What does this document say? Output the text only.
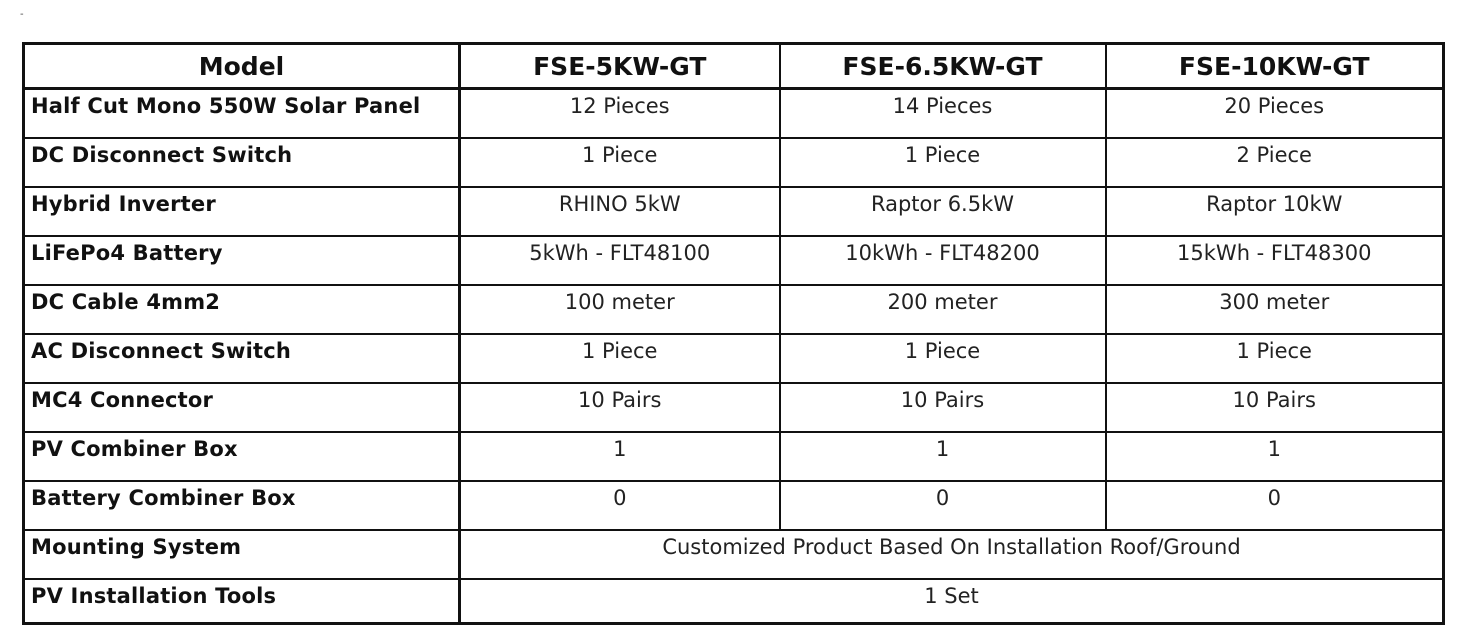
-
Model	FSE-5KW-GT	FSE-6.5KW-GT	FSE-10KW-GT
Half Cut Mono 550W Solar Panel	12 Pieces	14 Pieces	20 Pieces
DC Disconnect Switch	1 Piece	1 Piece	2 Piece
Hybrid Inverter	RHINO 5kW	Raptor 6.5kW	Raptor 10kW
LiFePo4 Battery	5kWh - FLT48100	10kWh - FLT48200	15kWh - FLT48300
DC Cable 4mm2	100 meter	200 meter	300 meter
AC Disconnect Switch	1 Piece	1 Piece	1 Piece
MC4 Connector	10 Pairs	10 Pairs	10 Pairs
PV Combiner Box	1	1	1
Battery Combiner Box	0	0	0
Mounting System	Customized Product Based On Installation Roof/Ground		
PV Installation Tools	1 Set		
